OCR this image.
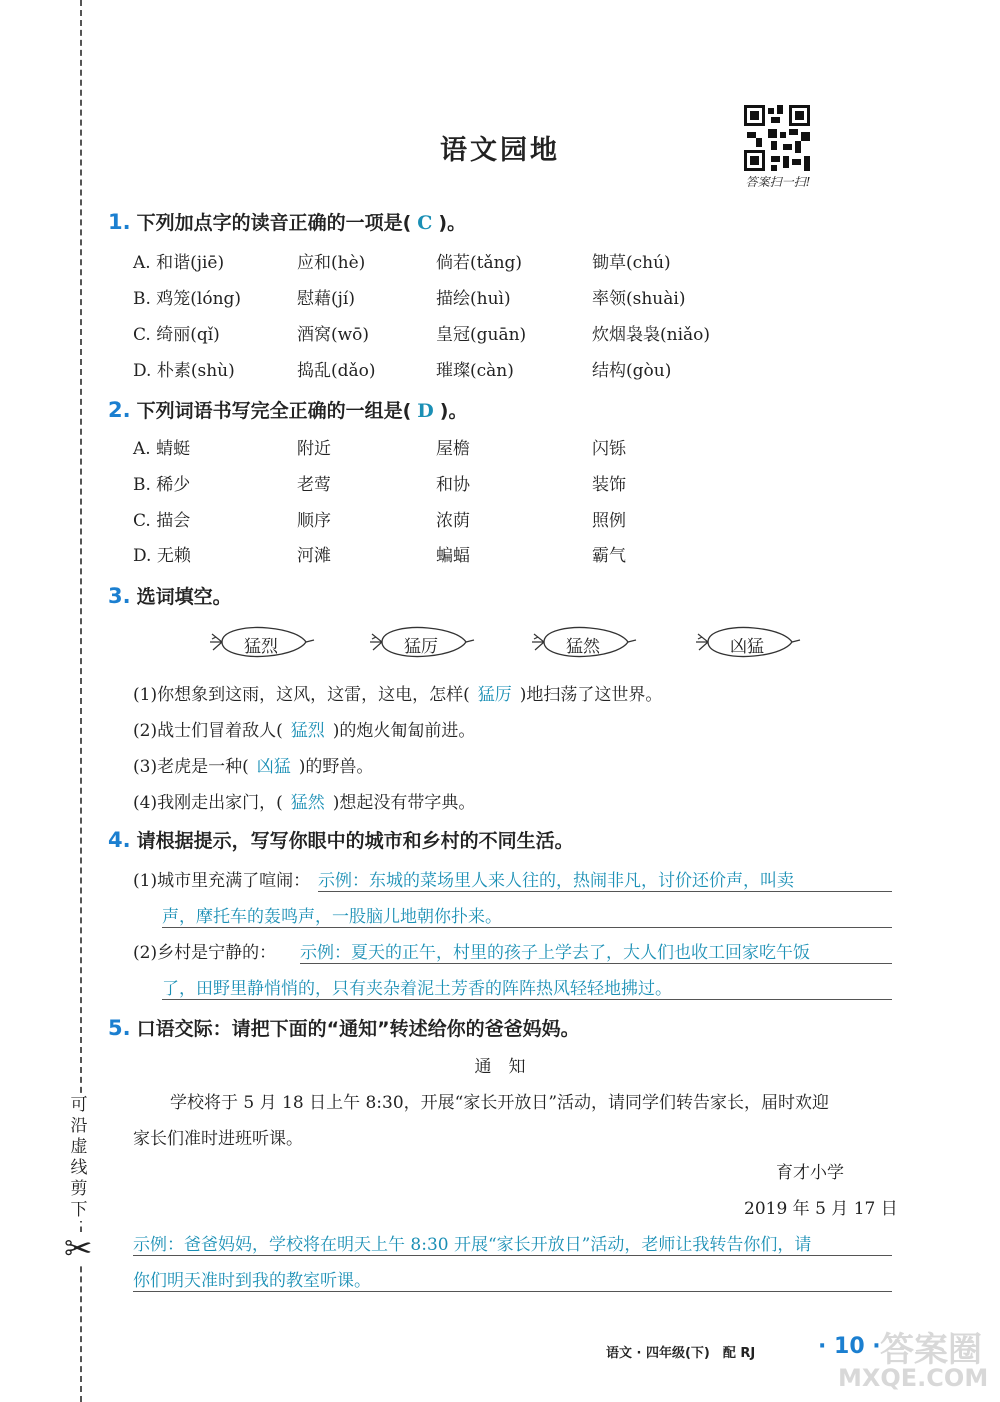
可沿虚线剪下
✂
语文园地
答案扫一扫!
1. 下列加点字的读音正确的一项是( C )。
A. 和谐(jiē)	应和(hè)	倘若(tǎng)	锄草(chú)
B. 鸡笼(lóng)	慰藉(jí)	描绘(huì)	率领(shuài)
C. 绮丽(qǐ)	酒窝(wō)	皇冠(guān)	炊烟袅袅(niǎo)
D. 朴素(shù)	捣乱(dǎo)	璀璨(càn)	结构(gòu)
2. 下列词语书写完全正确的一组是( D )。
A. 蜻蜓	附近	屋檐	闪铄
B. 稀少	老莺	和协	装饰
C. 描会	顺序	浓荫	照例
D. 无赖	河滩	蝙蝠	霸气
3. 选词填空。
猛烈	猛厉	猛然	凶猛
(1)你想象到这雨，这风，这雷，这电，怎样( 猛厉 )地扫荡了这世界。
(2)战士们冒着敌人( 猛烈 )的炮火匍匐前进。
(3)老虎是一种( 凶猛 )的野兽。
(4)我刚走出家门，( 猛然 )想起没有带字典。
4. 请根据提示，写写你眼中的城市和乡村的不同生活。
(1)城市里充满了喧闹： 示例：东城的菜场里人来人往的，热闹非凡，讨价还价声，叫卖
声，摩托车的轰鸣声，一股脑儿地朝你扑来。
(2)乡村是宁静的： 示例：夏天的正午，村里的孩子上学去了，大人们也收工回家吃午饭
了，田野里静悄悄的，只有夹杂着泥土芳香的阵阵热风轻轻地拂过。
5. 口语交际：请把下面的“通知”转述给你的爸爸妈妈。
通　知
学校将于 5 月 18 日上午 8:30，开展“家长开放日”活动，请同学们转告家长，届时欢迎
家长们准时进班听课。
育才小学
2019 年 5 月 17 日
示例：爸爸妈妈，学校将在明天上午 8:30 开展“家长开放日”活动，老师让我转告你们，请
你们明天准时到我的教室听课。
语文 · 四年级(下)　配 RJ	· 10 · 答案圈
MXQE.COM
